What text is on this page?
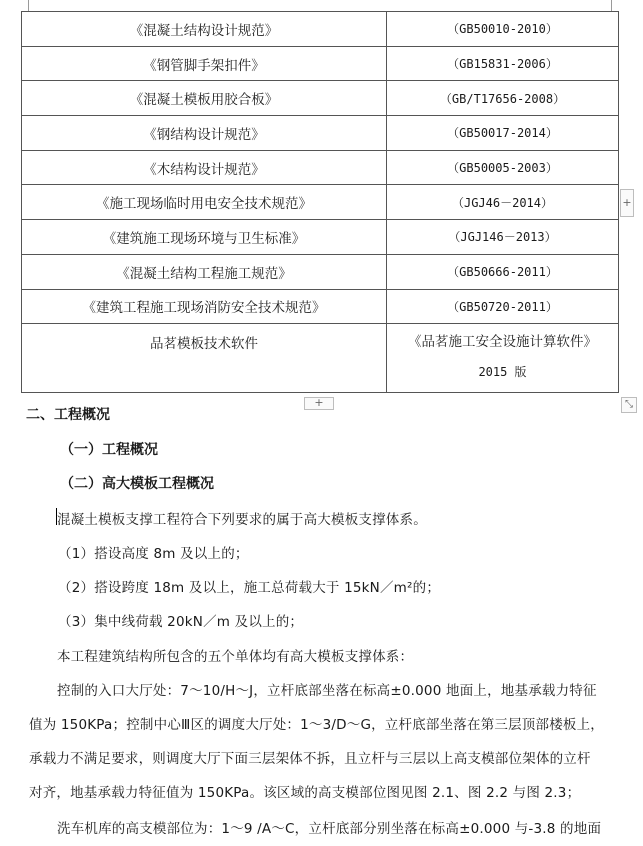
《混凝土结构设计规范》	（GB50010-2010）
《钢管脚手架扣件》	（GB15831-2006）
《混凝土模板用胶合板》	（GB/T17656-2008）
《钢结构设计规范》	（GB50017-2014）
《木结构设计规范》	（GB50005-2003）
《施工现场临时用电安全技术规范》	（JGJ46－2014）
《建筑施工现场环境与卫生标准》	（JGJ146－2013）
《混凝土结构工程施工规范》	（GB50666-2011）
《建筑工程施工现场消防安全技术规范》	（GB50720-2011）
品茗模板技术软件	《品茗施工安全设施计算软件》
2015 版
+
+	⤡
二、工程概况
（一）工程概况
（二）高大模板工程概况
混凝土模板支撑工程符合下列要求的属于高大模板支撑体系。
（1）搭设高度 8m 及以上的；
（2）搭设跨度 18m 及以上，施工总荷载大于 15kN／m²的；
（3）集中线荷载 20kN／m 及以上的；
本工程建筑结构所包含的五个单体均有高大模板支撑体系：
控制的入口大厅处：7～10/H～J，立杆底部坐落在标高±0.000 地面上，地基承载力特征
值为 150KPa；控制中心Ⅲ区的调度大厅处：1～3/D～G，立杆底部坐落在第三层顶部楼板上，
承载力不满足要求，则调度大厅下面三层架体不拆，且立杆与三层以上高支模部位架体的立杆
对齐，地基承载力特征值为 150KPa。该区域的高支模部位图见图 2.1、图 2.2 与图 2.3；
洗车机库的高支模部位为：1～9 /A～C，立杆底部分别坐落在标高±0.000 与-3.8 的地面
